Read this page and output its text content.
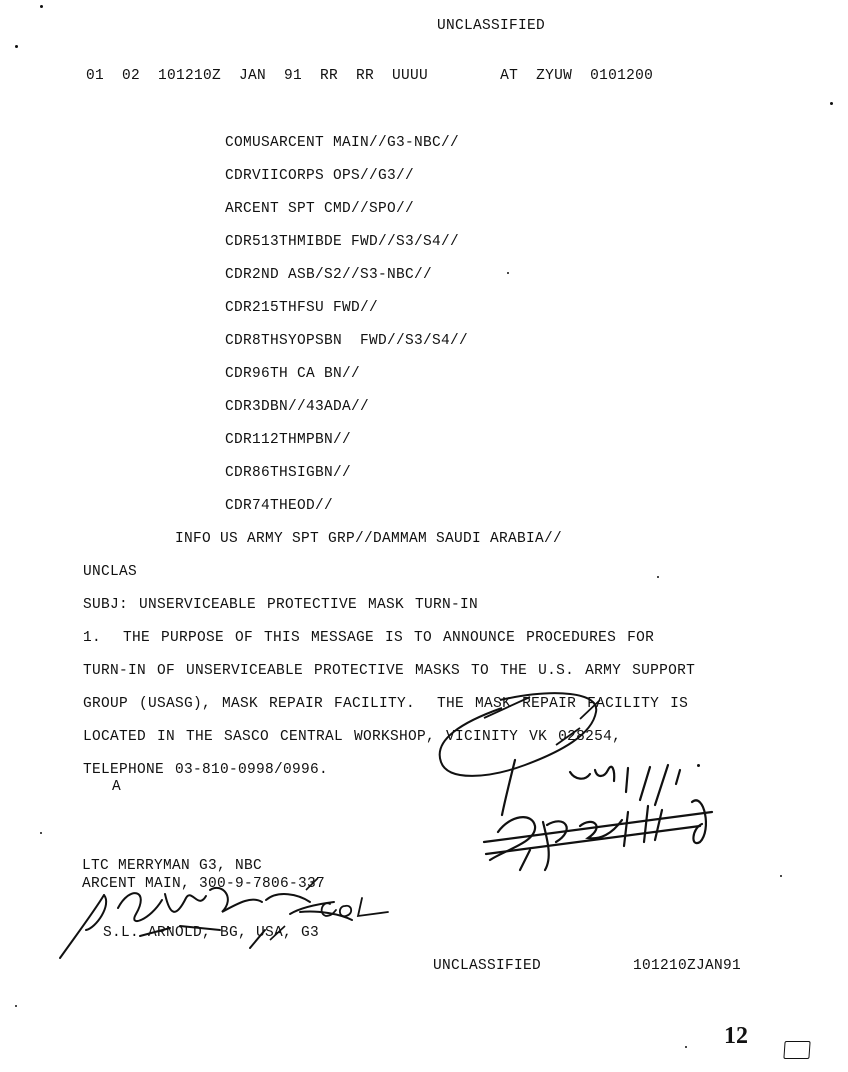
UNCLASSIFIED
01  02  101210Z  JAN  91  RR  RR  UUUU        AT  ZYUW  0101200
COMUSARCENT MAIN//G3-NBC//
CDRVIICORPS OPS//G3//
ARCENT SPT CMD//SPO//
CDR513THMIBDE FWD//S3/S4//
CDR2ND ASB/S2//S3-NBC//
CDR215THFSU FWD//
CDR8THSYOPSBN  FWD//S3/S4//
CDR96TH CA BN//
CDR3DBN//43ADA//
CDR112THMPBN//
CDR86THSIGBN//
CDR74THEOD//
INFO US ARMY SPT GRP//DAMMAM SAUDI ARABIA//
UNCLAS
SUBJ: UNSERVICEABLE PROTECTIVE MASK TURN-IN
1.  THE PURPOSE OF THIS MESSAGE IS TO ANNOUNCE PROCEDURES FOR
TURN-IN OF UNSERVICEABLE PROTECTIVE MASKS TO THE U.S. ARMY SUPPORT
GROUP (USASG), MASK REPAIR FACILITY.  THE MASK REPAIR FACILITY IS
LOCATED IN THE SASCO CENTRAL WORKSHOP, VICINITY VK 028254,
TELEPHONE 03-810-0998/0996.
A
LTC MERRYMAN G3, NBC
ARCENT MAIN, 300-9-7806-337
S.L. ARNOLD, BG, USA, G3
UNCLASSIFIED	101210ZJAN91
12
